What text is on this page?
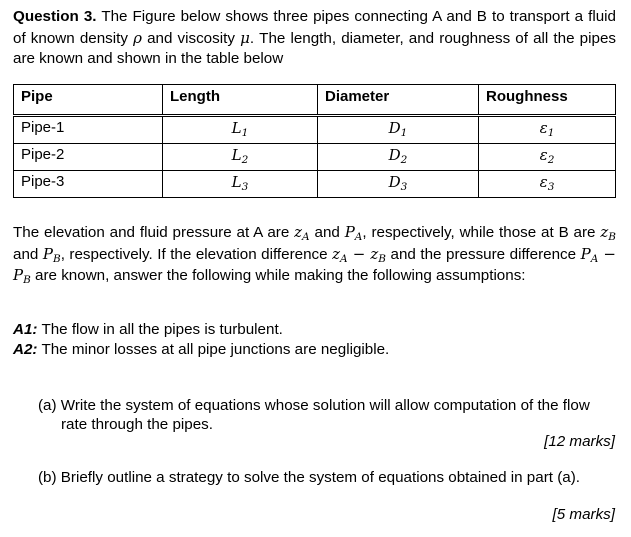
Question 3. The Figure below shows three pipes connecting A and B to transport a fluid of known density ρ and viscosity μ. The length, diameter, and roughness of all the pipes are known and shown in the table below
Pipe	Length	Diameter	Roughness
Pipe-1	$L_1$	$D_1$	$\varepsilon_1$
Pipe-2	$L_2$	$D_2$	$\varepsilon_2$
Pipe-3	$L_3$	$D_3$	$\varepsilon_3$
The elevation and fluid pressure at A are $z_A$ and $P_A$, respectively, while those at B are $z_B$ and $P_B$, respectively. If the elevation difference $z_A - z_B$ and the pressure difference $P_A - P_B$ are known, answer the following while making the following assumptions:
A1: The flow in all the pipes is turbulent.
A2: The minor losses at all pipe junctions are negligible.
(a) Write the system of equations whose solution will allow computation of the flow
rate through the pipes.
[12 marks]
(b) Briefly outline a strategy to solve the system of equations obtained in part (a).
[5 marks]
